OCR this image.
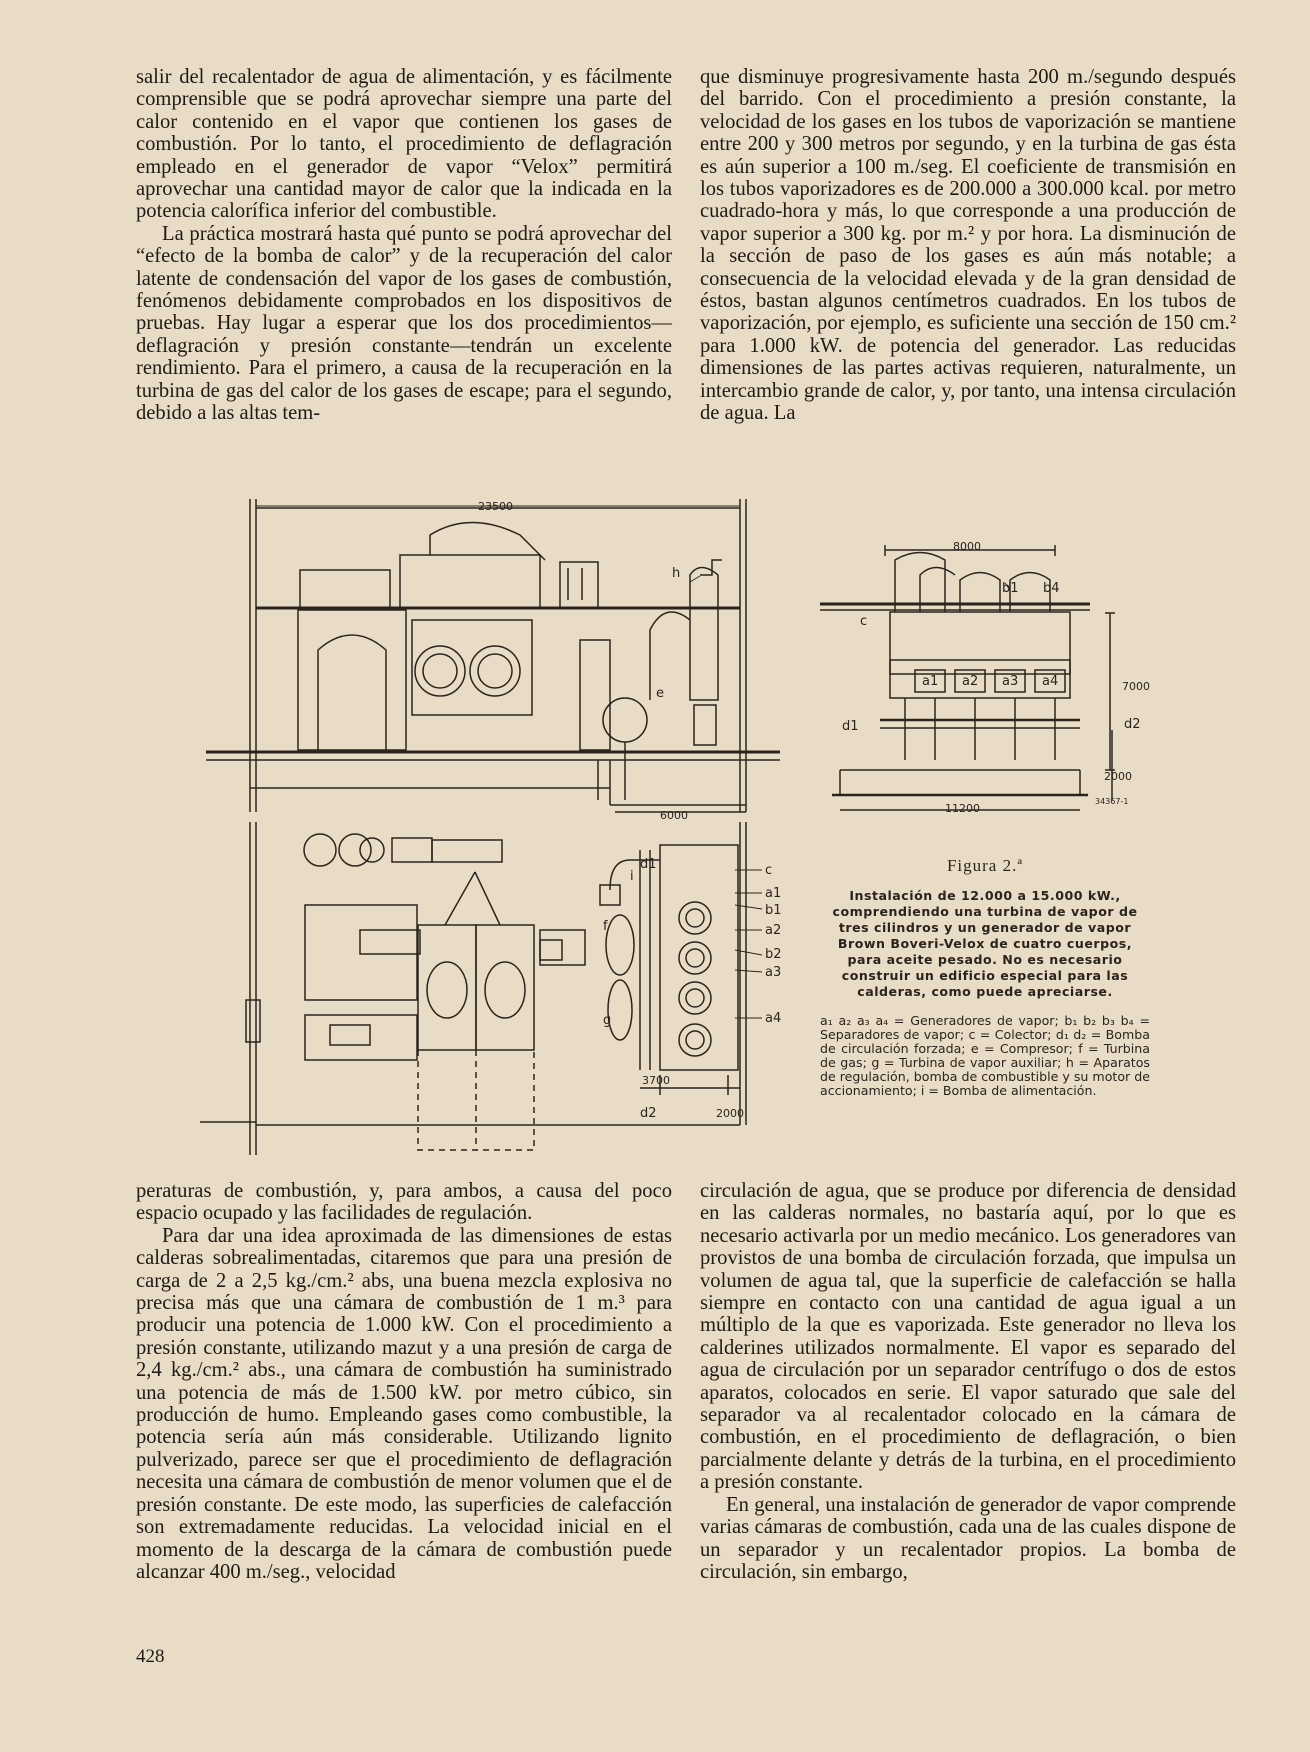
salir del recalentador de agua de alimentación, y es fácilmente comprensible que se podrá aprovechar siempre una parte del calor contenido en el vapor que contienen los gases de combustión. Por lo tanto, el procedimiento de deflagración empleado en el generador de vapor “Velox” permitirá aprovechar una cantidad mayor de calor que la indicada en la potencia calorífica inferior del combustible.

La práctica mostrará hasta qué punto se podrá aprovechar del “efecto de la bomba de calor” y de la recuperación del calor latente de condensación del vapor de los gases de combustión, fenómenos debidamente comprobados en los dispositivos de pruebas. Hay lugar a esperar que los dos procedimientos—deflagración y presión constante—tendrán un excelente rendimiento. Para el primero, a causa de la recuperación en la turbina de gas del calor de los gases de escape; para el segundo, debido a las altas tem-

que disminuye progresivamente hasta 200 m./segundo después del barrido. Con el procedimiento a presión constante, la velocidad de los gases en los tubos de vaporización se mantiene entre 200 y 300 metros por segundo, y en la turbina de gas ésta es aún superior a 100 m./seg. El coeficiente de transmisión en los tubos vaporizadores es de 200.000 a 300.000 kcal. por metro cuadrado-hora y más, lo que corresponde a una producción de vapor superior a 300 kg. por m.² y por hora. La disminución de la sección de paso de los gases es aún más notable; a consecuencia de la velocidad elevada y de la gran densidad de éstos, bastan algunos centímetros cuadrados. En los tubos de vaporización, por ejemplo, es suficiente una sección de 150 cm.² para 1.000 kW. de potencia del generador. Las reducidas dimensiones de las partes activas requieren, naturalmente, un intercambio grande de calor, y, por tanto, una intensa circulación de agua. La

23500
6000
8000
7000
2000
11200
3700
2000
34367-1
h
e
b1 b4
c
a1 a2 a3 a4
d1	d2
c
a1
b1
a2
b2
a3
a4
d1
d2
f
g
i
Figura 2.ª
Instalación de 12.000 a 15.000 kW., comprendiendo una turbina de vapor de tres cilindros y un generador de vapor Brown Boveri-Velox de cuatro cuerpos, para aceite pesado. No es necesario construir un edificio especial para las calderas, como puede apreciarse.
a₁ a₂ a₃ a₄ = Generadores de vapor; b₁ b₂ b₃ b₄ = Separadores de vapor; c = Colector; d₁ d₂ = Bomba de circulación forzada; e = Compresor; f = Turbina de gas; g = Turbina de vapor auxiliar; h = Aparatos de regulación, bomba de combustible y su motor de accionamiento; i = Bomba de alimentación.

peraturas de combustión, y, para ambos, a causa del poco espacio ocupado y las facilidades de regulación.

Para dar una idea aproximada de las dimensiones de estas calderas sobrealimentadas, citaremos que para una presión de carga de 2 a 2,5 kg./cm.² abs, una buena mezcla explosiva no precisa más que una cámara de combustión de 1 m.³ para producir una potencia de 1.000 kW. Con el procedimiento a presión constante, utilizando mazut y a una presión de carga de 2,4 kg./cm.² abs., una cámara de combustión ha suministrado una potencia de más de 1.500 kW. por metro cúbico, sin producción de humo. Empleando gases como combustible, la potencia sería aún más considerable. Utilizando lignito pulverizado, parece ser que el procedimiento de deflagración necesita una cámara de combustión de menor volumen que el de presión constante. De este modo, las superficies de calefacción son extremadamente reducidas. La velocidad inicial en el momento de la descarga de la cámara de combustión puede alcanzar 400 m./seg., velocidad

circulación de agua, que se produce por diferencia de densidad en las calderas normales, no bastaría aquí, por lo que es necesario activarla por un medio mecánico. Los generadores van provistos de una bomba de circulación forzada, que impulsa un volumen de agua tal, que la superficie de calefacción se halla siempre en contacto con una cantidad de agua igual a un múltiplo de la que es vaporizada. Este generador no lleva los calderines utilizados normalmente. El vapor es separado del agua de circulación por un separador centrífugo o dos de estos aparatos, colocados en serie. El vapor saturado que sale del separador va al recalentador colocado en la cámara de combustión, en el procedimiento de deflagración, o bien parcialmente delante y detrás de la turbina, en el procedimiento a presión constante.

En general, una instalación de generador de vapor comprende varias cámaras de combustión, cada una de las cuales dispone de un separador y un recalentador propios. La bomba de circulación, sin embargo,

428
